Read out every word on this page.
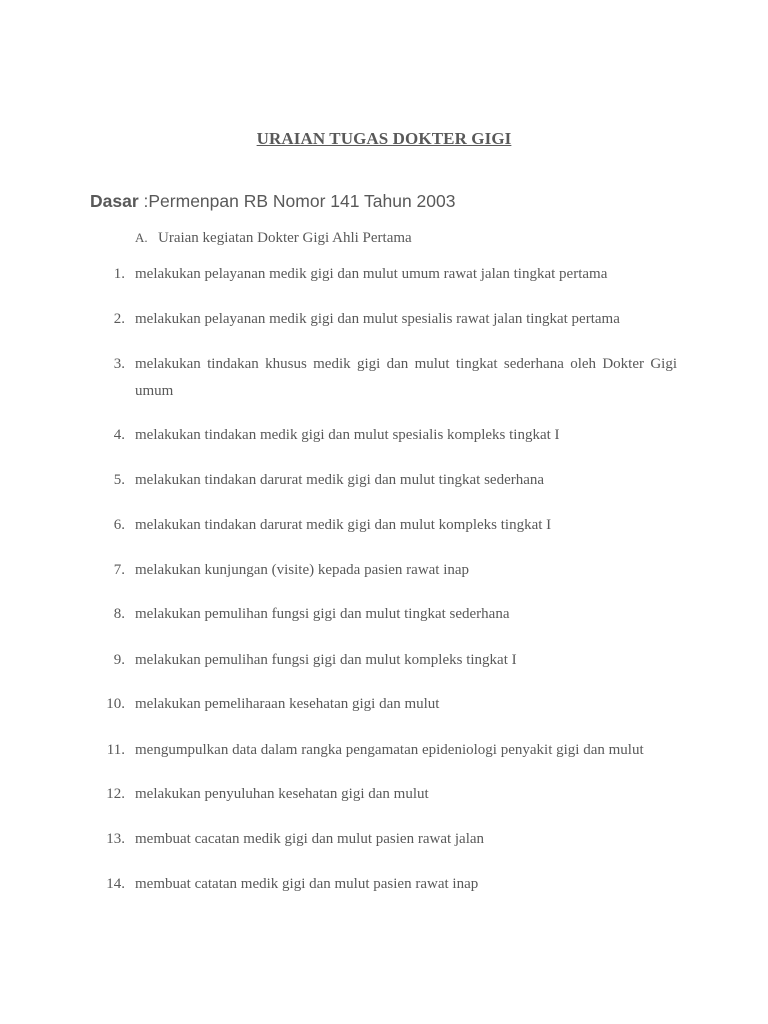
URAIAN TUGAS DOKTER GIGI
Dasar :Permenpan RB Nomor 141 Tahun 2003
A. Uraian kegiatan Dokter Gigi Ahli Pertama
1. melakukan pelayanan medik gigi dan mulut umum rawat jalan tingkat pertama
2. melakukan pelayanan medik gigi dan mulut spesialis rawat jalan tingkat pertama
3. melakukan tindakan khusus medik gigi dan mulut tingkat sederhana oleh Dokter Gigi umum
4. melakukan tindakan medik gigi dan mulut spesialis kompleks tingkat I
5. melakukan tindakan darurat medik gigi dan mulut tingkat sederhana
6. melakukan tindakan darurat medik gigi dan mulut kompleks tingkat I
7. melakukan kunjungan (visite) kepada pasien rawat inap
8. melakukan pemulihan fungsi gigi dan mulut tingkat sederhana
9. melakukan pemulihan fungsi gigi dan mulut kompleks tingkat I
10. melakukan pemeliharaan kesehatan gigi dan mulut
11. mengumpulkan data dalam rangka pengamatan epideniologi penyakit gigi dan mulut
12. melakukan penyuluhan kesehatan gigi dan mulut
13. membuat cacatan medik gigi dan mulut pasien rawat jalan
14. membuat catatan medik gigi dan mulut pasien rawat inap
